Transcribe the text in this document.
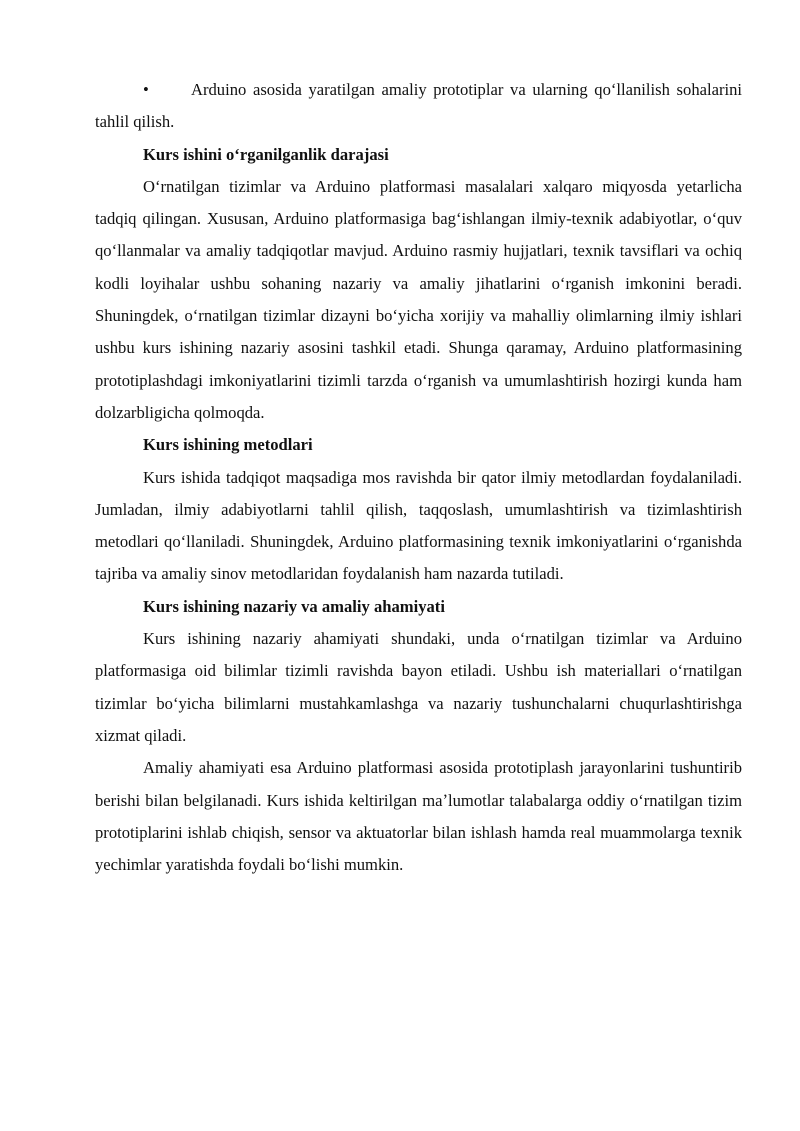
•	Arduino asosida yaratilgan amaliy prototiplar va ularning qoʻllanilish sohalarini tahlil qilish.

Kurs ishini oʻrganilganlik darajasi

Oʻrnatilgan tizimlar va Arduino platformasi masalalari xalqaro miqyosda yetarlicha tadqiq qilingan. Xususan, Arduino platformasiga bagʻishlangan ilmiy-texnik adabiyotlar, oʻquv qoʻllanmalar va amaliy tadqiqotlar mavjud. Arduino rasmiy hujjatlari, texnik tavsiflari va ochiq kodli loyihalar ushbu sohaning nazariy va amaliy jihatlarini oʻrganish imkonini beradi. Shuningdek, oʻrnatilgan tizimlar dizayni boʻyicha xorijiy va mahalliy olimlarning ilmiy ishlari ushbu kurs ishining nazariy asosini tashkil etadi. Shunga qaramay, Arduino platformasining prototiplashdagi imkoniyatlarini tizimli tarzda oʻrganish va umumlashtirish hozirgi kunda ham dolzarbligicha qolmoqda.

Kurs ishining metodlari

Kurs ishida tadqiqot maqsadiga mos ravishda bir qator ilmiy metodlardan foydalaniladi. Jumladan, ilmiy adabiyotlarni tahlil qilish, taqqoslash, umumlashtirish va tizimlashtirish metodlari qoʻllaniladi. Shuningdek, Arduino platformasining texnik imkoniyatlarini oʻrganishda tajriba va amaliy sinov metodlaridan foydalanish ham nazarda tutiladi.

Kurs ishining nazariy va amaliy ahamiyati

Kurs ishining nazariy ahamiyati shundaki, unda oʻrnatilgan tizimlar va Arduino platformasiga oid bilimlar tizimli ravishda bayon etiladi. Ushbu ish materiallari oʻrnatilgan tizimlar boʻyicha bilimlarni mustahkamlashga va nazariy tushunchalarni chuqurlashtirishga xizmat qiladi.

Amaliy ahamiyati esa Arduino platformasi asosida prototiplash jarayonlarini tushuntirib berishi bilan belgilanadi. Kurs ishida keltirilgan maʼlumotlar talabalarga oddiy oʻrnatilgan tizim prototiplarini ishlab chiqish, sensor va aktuatorlar bilan ishlash hamda real muammolarga texnik yechimlar yaratishda foydali boʻlishi mumkin.
